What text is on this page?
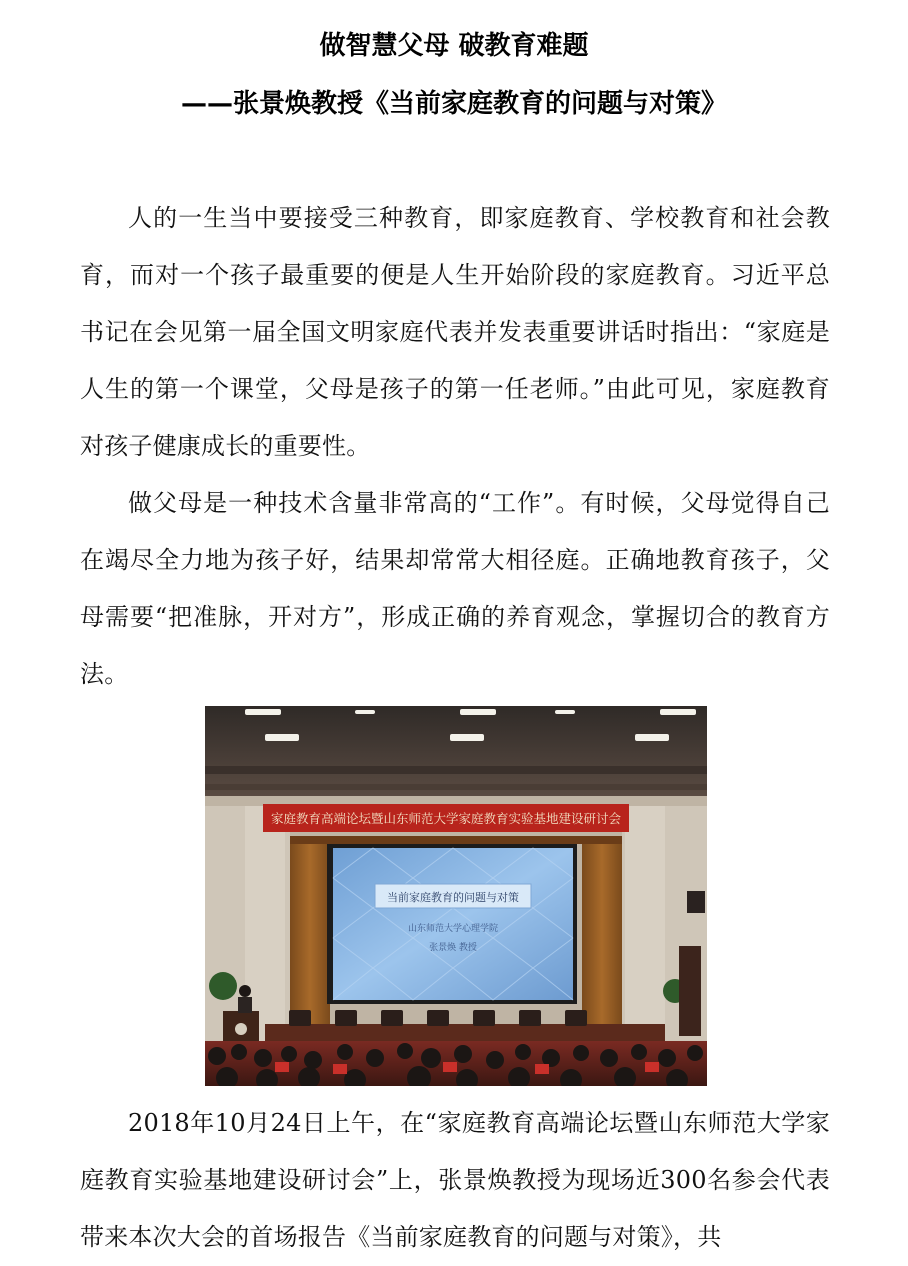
做智慧父母 破教育难题
——张景焕教授《当前家庭教育的问题与对策》

人的一生当中要接受三种教育，即家庭教育、学校教育和社会教育，而对一个孩子最重要的便是人生开始阶段的家庭教育。习近平总书记在会见第一届全国文明家庭代表并发表重要讲话时指出：“家庭是人生的第一个课堂，父母是孩子的第一任老师。”由此可见，家庭教育对孩子健康成长的重要性。

做父母是一种技术含量非常高的“工作”。有时候，父母觉得自己在竭尽全力地为孩子好，结果却常常大相径庭。正确地教育孩子，父母需要“把准脉，开对方”，形成正确的养育观念，掌握切合的教育方法。

家庭教育高端论坛暨山东师范大学家庭教育实验基地建设研讨会
当前家庭教育的问题与对策
山东师范大学心理学院
张景焕 教授

2018年10月24日上午，在“家庭教育高端论坛暨山东师范大学家庭教育实验基地建设研讨会”上，张景焕教授为现场近300名参会代表带来本次大会的首场报告《当前家庭教育的问题与对策》，共
